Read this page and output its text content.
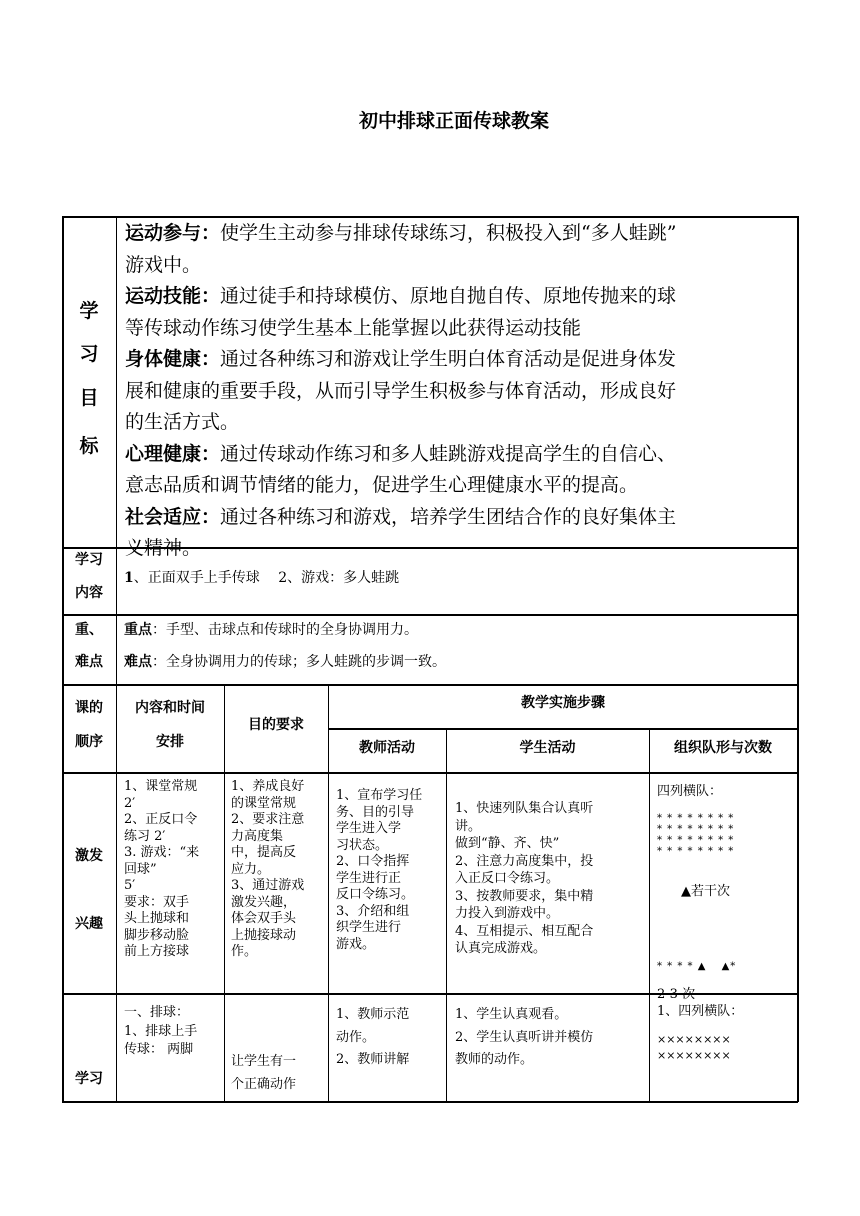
初中排球正面传球教案
学
习
目
标
运动参与：使学生主动参与排球传球练习，积极投入到“多人蛙跳”
游戏中。
运动技能：通过徒手和持球模仿、原地自抛自传、原地传抛来的球
等传球动作练习使学生基本上能掌握以此获得运动技能
身体健康：通过各种练习和游戏让学生明白体育活动是促进身体发
展和健康的重要手段，从而引导学生积极参与体育活动，形成良好
的生活方式。
心理健康：通过传球动作练习和多人蛙跳游戏提高学生的自信心、
意志品质和调节情绪的能力，促进学生心理健康水平的提高。
社会适应：通过各种练习和游戏，培养学生团结合作的良好集体主
义精神。
学习
内容
1、正面双手上手传球　 2、游戏：多人蛙跳
重、
难点
重点：手型、击球点和传球时的全身协调用力。
难点：全身协调用力的传球；多人蛙跳的步调一致。
课的
顺序
内容和时间
安排
目的要求
教学实施步骤
教师活动	学生活动	组织队形与次数
激发
兴趣
1、课堂常规
2′
2、正反口令
练习 2′
3. 游戏：“来
回球”
5′
要求：双手
头上抛球和
脚步移动脸
前上方接球
1、养成良好
的课堂常规
2、要求注意
力高度集
中，提高反
应力。
3、通过游戏
激发兴趣，
体会双手头
上抛接球动
作。
1、宣布学习任
务、目的引导
学生进入学
习状态。
2、口令指挥
学生进行正
反口令练习。
3、介绍和组
织学生进行
游戏。
1、快速列队集合认真听
讲。
做到“静、齐、快”
2、注意力高度集中，投
入正反口令练习。
3、按教师要求，集中精
力投入到游戏中。
4、互相提示、相互配合
认真完成游戏。
四列横队：
* * * * * * * *
* * * * * * * *
* * * * * * * *
* * * * * * * *
▲若干次
* * * * ▲ 　▲*
2-3 次
学习
一、排球：
1、排球上手
传球： 两脚
让学生有一
个正确动作
1、教师示范
动作。
2、教师讲解
1、学生认真观看。
2、学生认真听讲并模仿
教师的动作。
1、四列横队：
××××××××
××××××××
